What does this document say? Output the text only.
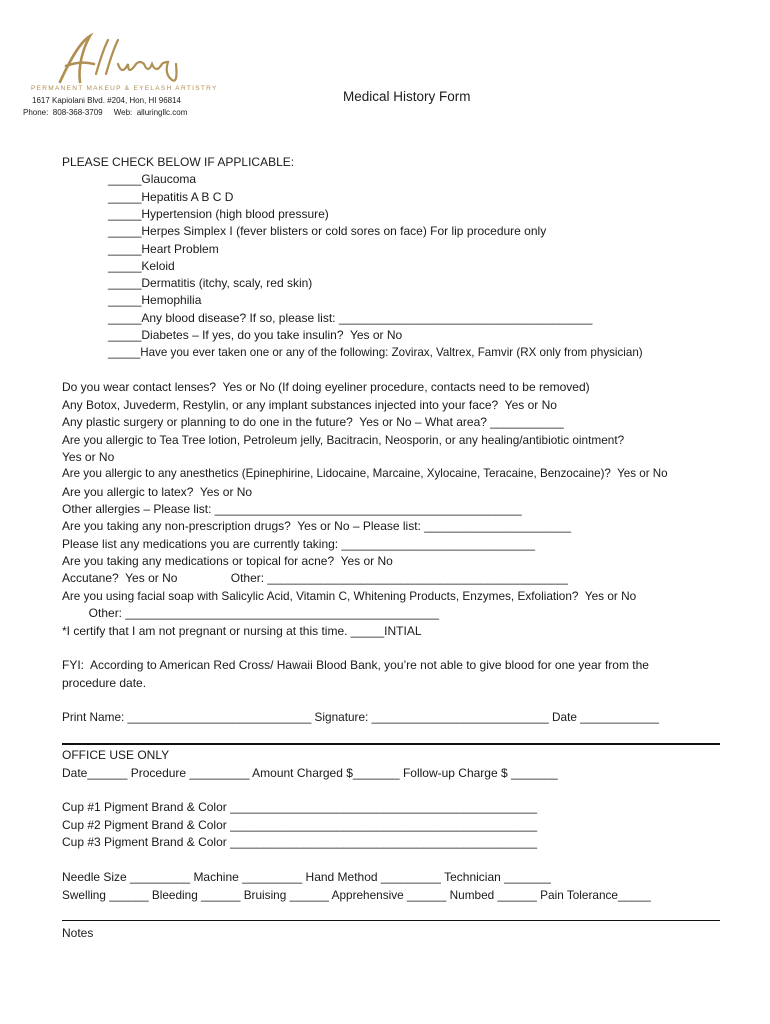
PERMANENT MAKEUP & EYELASH ARTISTRY
1617 Kapiolani Blvd. #204, Hon, HI 96814
Phone:  808-368-3709     Web:  alluringllc.com
Medical History Form
PLEASE CHECK BELOW IF APPLICABLE:
_____Glaucoma
_____Hepatitis A B C D
_____Hypertension (high blood pressure)
_____Herpes Simplex I (fever blisters or cold sores on face) For lip procedure only
_____Heart Problem
_____Keloid
_____Dermatitis (itchy, scaly, red skin)
_____Hemophilia
_____Any blood disease? If so, please list: ______________________________________
_____Diabetes – If yes, do you take insulin?  Yes or No
_____Have you ever taken one or any of the following: Zovirax, Valtrex, Famvir (RX only from physician)
Do you wear contact lenses?  Yes or No (If doing eyeliner procedure, contacts need to be removed)
Any Botox, Juvederm, Restylin, or any implant substances injected into your face?  Yes or No
Any plastic surgery or planning to do one in the future?  Yes or No – What area? ___________
Are you allergic to Tea Tree lotion, Petroleum jelly, Bacitracin, Neosporin, or any healing/antibiotic ointment?
Yes or No
Are you allergic to any anesthetics (Epinephirine, Lidocaine, Marcaine, Xylocaine, Teracaine, Benzocaine)?  Yes or No
Are you allergic to latex?  Yes or No
Other allergies – Please list: ______________________________________________
Are you taking any non-prescription drugs?  Yes or No – Please list: ______________________
Please list any medications you are currently taking: _____________________________
Are you taking any medications or topical for acne?  Yes or No
Accutane?  Yes or No                Other: _____________________________________________
Are you using facial soap with Salicylic Acid, Vitamin C, Whitening Products, Enzymes, Exfoliation?  Yes or No
Other: _______________________________________________
*I certify that I am not pregnant or nursing at this time. _____INTIAL
FYI:  According to American Red Cross/ Hawaii Blood Bank, you’re not able to give blood for one year from the
procedure date.
Print Name: ____________________________ Signature: ___________________________ Date ____________
OFFICE USE ONLY
Date______ Procedure _________ Amount Charged $_______ Follow-up Charge $ _______
Cup #1 Pigment Brand & Color ______________________________________________
Cup #2 Pigment Brand & Color ______________________________________________
Cup #3 Pigment Brand & Color ______________________________________________
Needle Size _________ Machine _________ Hand Method _________ Technician _______
Swelling ______ Bleeding ______ Bruising ______ Apprehensive ______ Numbed ______ Pain Tolerance_____
Notes
